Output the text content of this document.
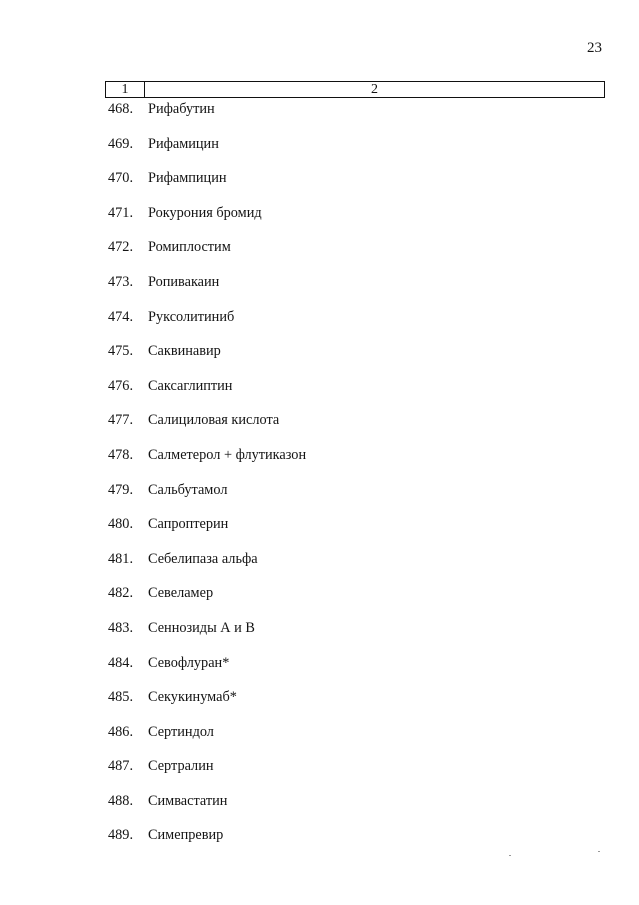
23
1	2
468. Рифабутин
469. Рифамицин
470. Рифампицин
471. Рокурония бромид
472. Ромиплостим
473. Ропивакаин
474. Руксолитиниб
475. Саквинавир
476. Саксаглиптин
477. Салициловая кислота
478. Салметерол + флутиказон
479. Сальбутамол
480. Сапроптерин
481. Себелипаза альфа
482. Севеламер
483. Сеннозиды А и В
484. Севофлуран*
485. Секукинумаб*
486. Сертиндол
487. Сертралин
488. Симвастатин
489. Симепревир
